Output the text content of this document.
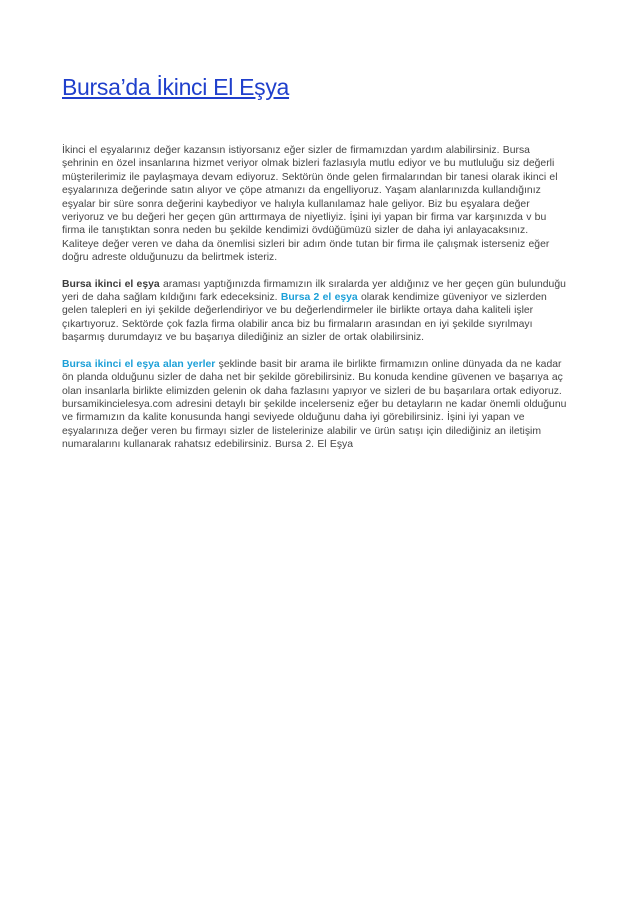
Bursa’da İkinci El Eşya

İkinci el eşyalarınız değer kazansın istiyorsanız eğer sizler de firmamızdan yardım alabilirsiniz. Bursa şehrinin en özel insanlarına hizmet veriyor olmak bizleri fazlasıyla mutlu ediyor ve bu mutluluğu siz değerli müşterilerimiz ile paylaşmaya devam ediyoruz. Sektörün önde gelen firmalarından bir tanesi olarak ikinci el eşyalarınıza değerinde satın alıyor ve çöpe atmanızı da engelliyoruz. Yaşam alanlarınızda kullandığınız eşyalar bir süre sonra değerini kaybediyor ve halıyla kullanılamaz hale geliyor. Biz bu eşyalara değer veriyoruz ve bu değeri her geçen gün arttırmaya de niyetliyiz. İşini iyi yapan bir firma var karşınızda v bu firma ile tanıştıktan sonra neden bu şekilde kendimizi övdüğümüzü sizler de daha iyi anlayacaksınız. Kaliteye değer veren ve daha da önemlisi sizleri bir adım önde tutan bir firma ile çalışmak isterseniz eğer doğru adreste olduğunuzu da belirtmek isteriz.

Bursa ikinci el eşya araması yaptığınızda firmamızın ilk sıralarda yer aldığınız ve her geçen gün bulunduğu yeri de daha sağlam kıldığını fark edeceksiniz. Bursa 2 el eşya olarak kendimize güveniyor ve sizlerden gelen talepleri en iyi şekilde değerlendiriyor ve bu değerlendirmeler ile birlikte ortaya daha kaliteli işler çıkartıyoruz. Sektörde çok fazla firma olabilir anca biz bu firmaların arasından en iyi şekilde sıyrılmayı başarmış durumdayız ve bu başarıya dilediğiniz an sizler de ortak olabilirsiniz.

Bursa ikinci el eşya alan yerler şeklinde basit bir arama ile birlikte firmamızın online dünyada da ne kadar ön planda olduğunu sizler de daha net bir şekilde görebilirsiniz. Bu konuda kendine güvenen ve başarıya aç olan insanlarla birlikte elimizden gelenin ok daha fazlasını yapıyor ve sizleri de bu başarılara ortak ediyoruz. bursamikincielesya.com adresini detaylı bir şekilde incelerseniz eğer bu detayların ne kadar önemli olduğunu ve firmamızın da kalite konusunda hangi seviyede olduğunu daha iyi görebilirsiniz. İşini iyi yapan ve eşyalarınıza değer veren bu firmayı sizler de listelerinize alabilir ve ürün satışı için dilediğiniz an iletişim numaralarını kullanarak rahatsız edebilirsiniz. Bursa 2. El Eşya
